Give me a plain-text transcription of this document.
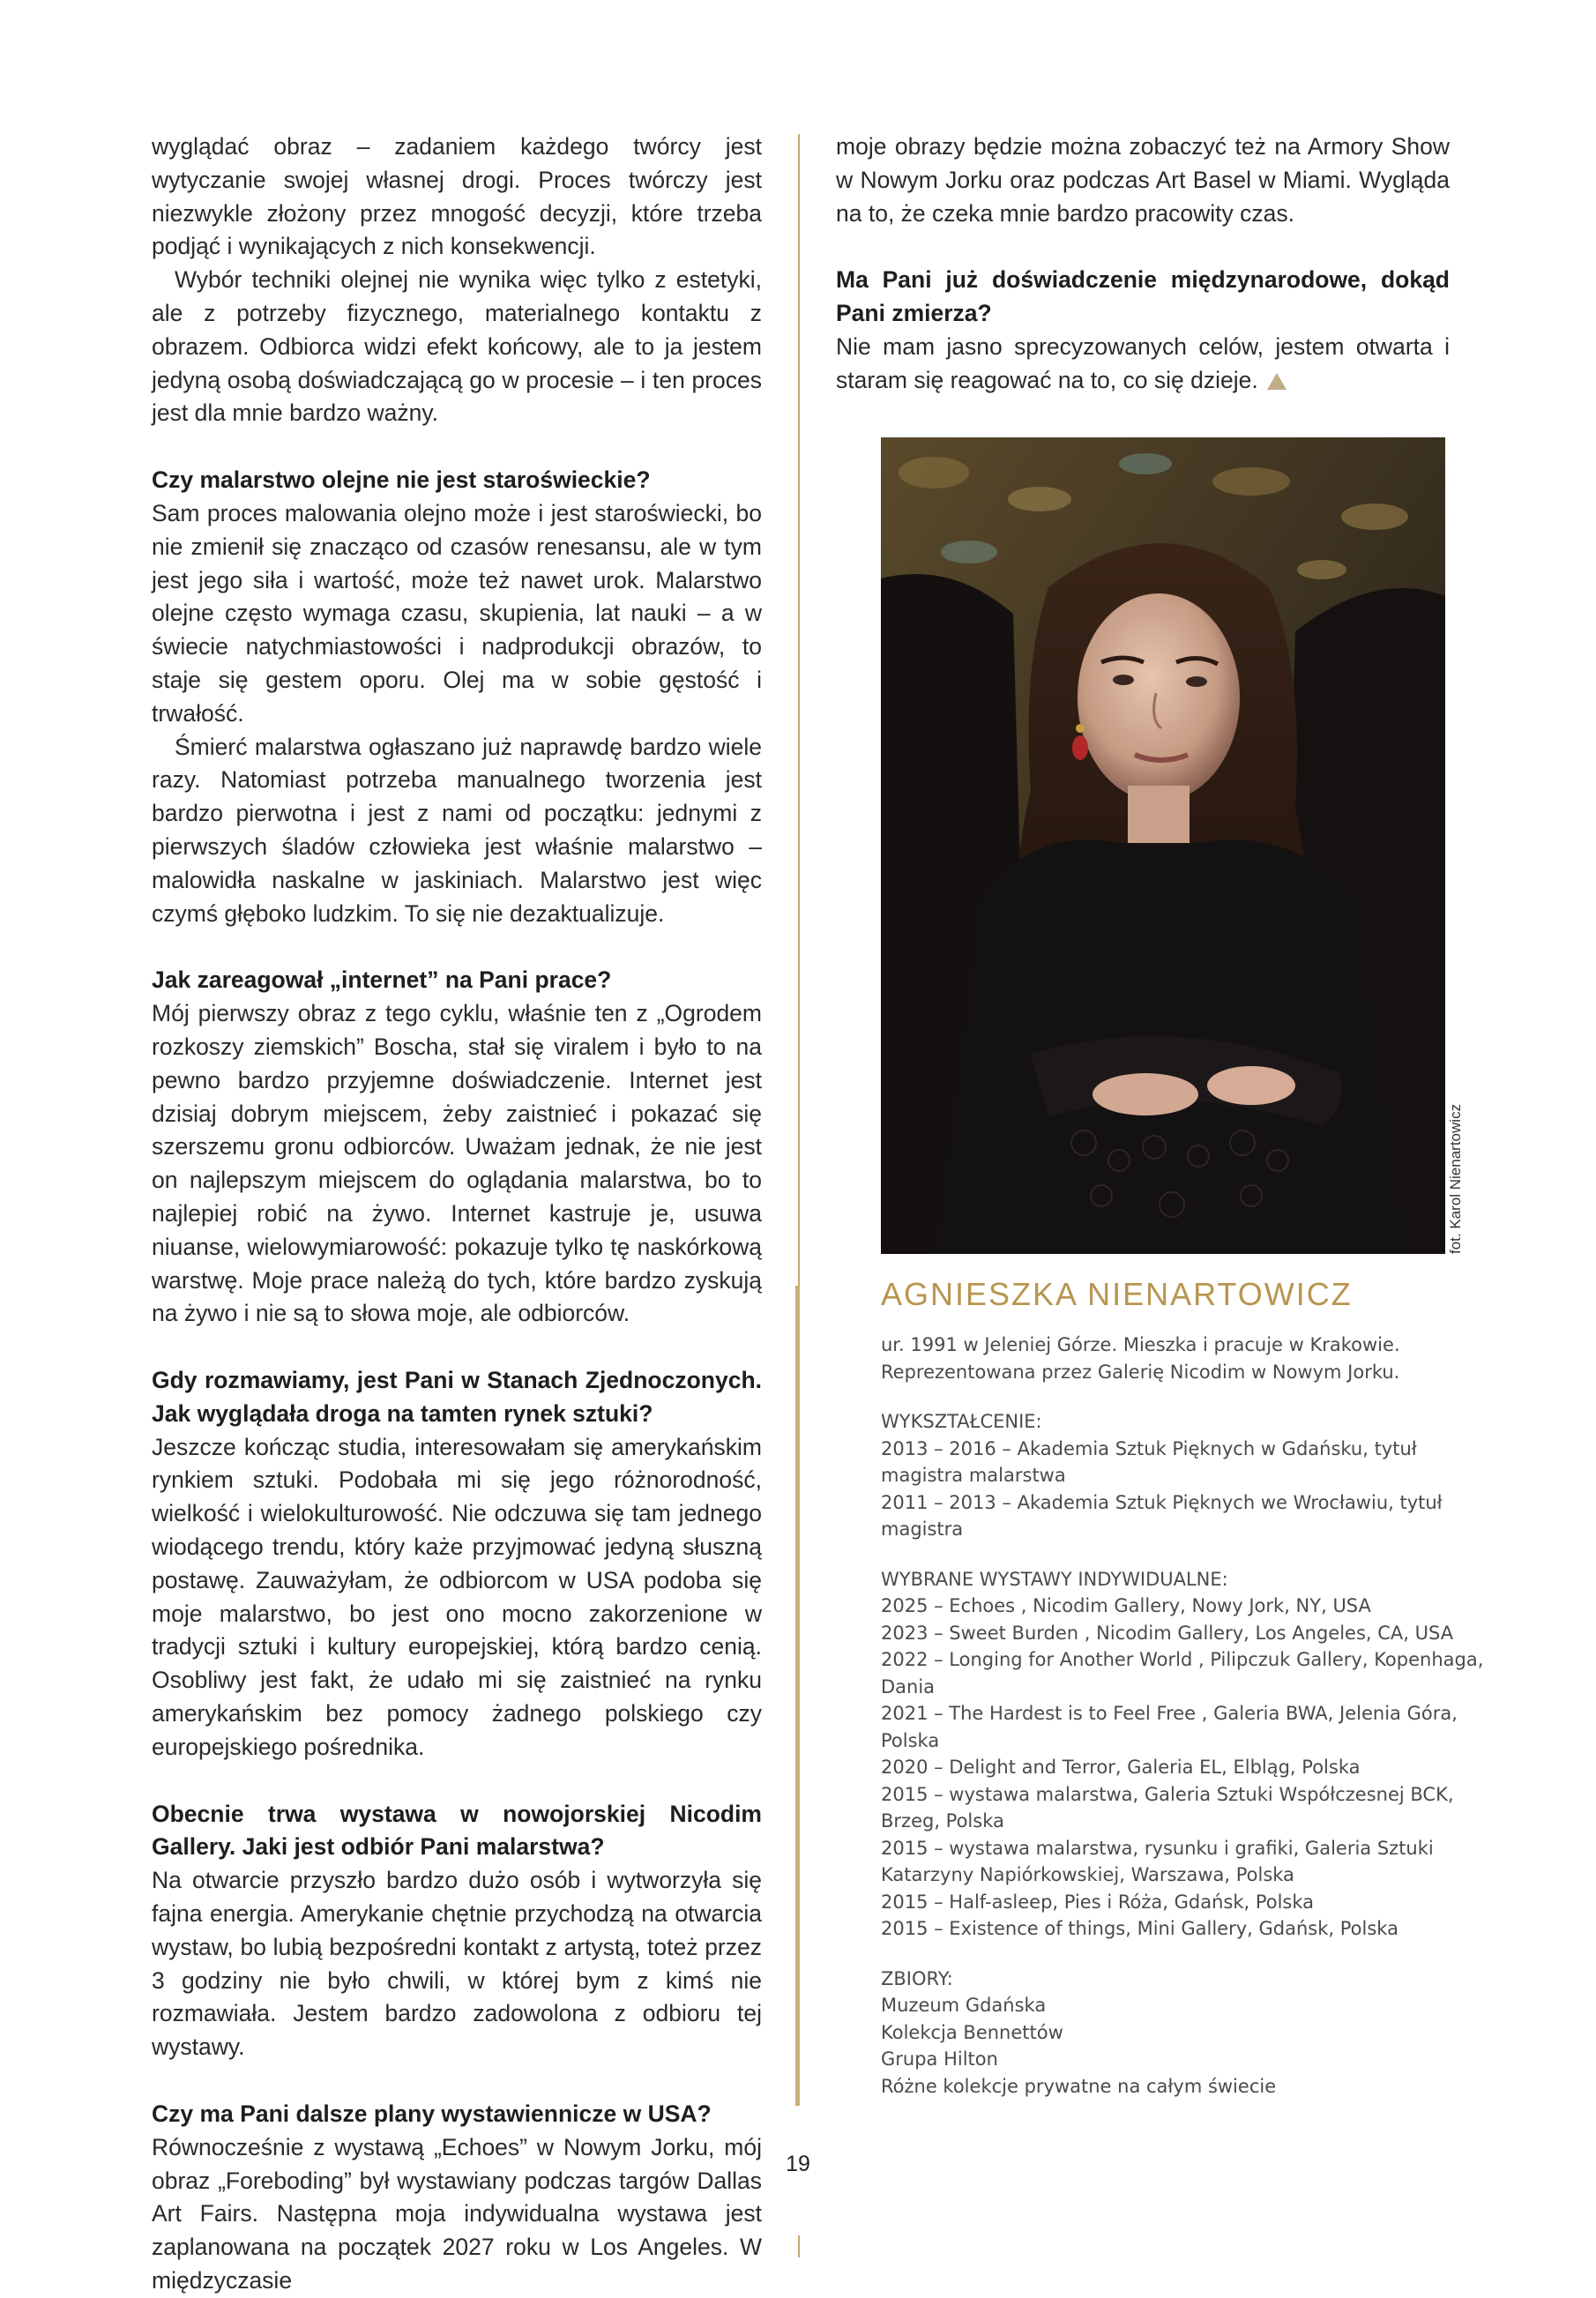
wyglądać obraz – zadaniem każdego twórcy jest wytyczanie swojej własnej drogi. Proces twórczy jest niezwykle złożony przez mnogość decyzji, które trzeba podjąć i wynikających z nich konsekwencji.

Wybór techniki olejnej nie wynika więc tylko z estetyki, ale z potrzeby fizycznego, materialnego kontaktu z obrazem. Odbiorca widzi efekt końcowy, ale to ja jestem jedyną osobą doświadczającą go w procesie – i ten proces jest dla mnie bardzo ważny.

Czy malarstwo olejne nie jest staroświeckie?

Sam proces malowania olejno może i jest staroświecki, bo nie zmienił się znacząco od czasów renesansu, ale w tym jest jego siła i wartość, może też nawet urok. Malarstwo olejne często wymaga czasu, skupienia, lat nauki – a w świecie natychmiastowości i nadprodukcji obrazów, to staje się gestem oporu. Olej ma w sobie gęstość i trwałość.

Śmierć malarstwa ogłaszano już naprawdę bardzo wiele razy. Natomiast potrzeba manualnego tworzenia jest bardzo pierwotna i jest z nami od początku: jednymi z pierwszych śladów człowieka jest właśnie malarstwo – malowidła naskalne w jaskiniach. Malarstwo jest więc czymś głęboko ludzkim. To się nie dezaktualizuje.

Jak zareagował „internet” na Pani prace?

Mój pierwszy obraz z tego cyklu, właśnie ten z „Ogrodem rozkoszy ziemskich” Boscha, stał się viralem i było to na pewno bardzo przyjemne doświadczenie. Internet jest dzisiaj dobrym miejscem, żeby zaistnieć i pokazać się szerszemu gronu odbiorców. Uważam jednak, że nie jest on najlepszym miejscem do oglądania malarstwa, bo to najlepiej robić na żywo. Internet kastruje je, usuwa niuanse, wielowymiarowość: pokazuje tylko tę naskórkową warstwę. Moje prace należą do tych, które bardzo zyskują na żywo i nie są to słowa moje, ale odbiorców.

Gdy rozmawiamy, jest Pani w Stanach Zjednoczonych. Jak wyglądała droga na tamten rynek sztuki?

Jeszcze kończąc studia, interesowałam się amerykańskim rynkiem sztuki. Podobała mi się jego różnorodność, wielkość i wielokulturowość. Nie odczuwa się tam jednego wiodącego trendu, który każe przyjmować jedyną słuszną postawę. Zauważyłam, że odbiorcom w USA podoba się moje malarstwo, bo jest ono mocno zakorzenione w tradycji sztuki i kultury europejskiej, którą bardzo cenią. Osobliwy jest fakt, że udało mi się zaistnieć na rynku amerykańskim bez pomocy żadnego polskiego czy europejskiego pośrednika.

Obecnie trwa wystawa w nowojorskiej Nicodim Gallery. Jaki jest odbiór Pani malarstwa?

Na otwarcie przyszło bardzo dużo osób i wytworzyła się fajna energia. Amerykanie chętnie przychodzą na otwarcia wystaw, bo lubią bezpośredni kontakt z artystą, toteż przez 3 godziny nie było chwili, w której bym z kimś nie rozmawiała. Jestem bardzo zadowolona z odbioru tej wystawy.

Czy ma Pani dalsze plany wystawiennicze w USA?

Równocześnie z wystawą „Echoes” w Nowym Jorku, mój obraz „Foreboding” był wystawiany podczas targów Dallas Art Fairs. Następna moja indywidualna wystawa jest zaplanowana na początek 2027 roku w Los Angeles. W międzyczasie

moje obrazy będzie można zobaczyć też na Armory Show w Nowym Jorku oraz podczas Art Basel w Miami. Wygląda na to, że czeka mnie bardzo pracowity czas.

Ma Pani już doświadczenie międzynarodowe, dokąd Pani zmierza?

Nie mam jasno sprecyzowanych celów, jestem otwarta i staram się reagować na to, co się dzieje.

fot. Karol Nienartowicz
AGNIESZKA NIENARTOWICZ
ur. 1991 w Jeleniej Górze. Mieszka i pracuje w Krakowie.
Reprezentowana przez Galerię Nicodim w Nowym Jorku.
WYKSZTAŁCENIE:
2013 – 2016 – Akademia Sztuk Pięknych w Gdańsku, tytuł magistra malarstwa
2011 – 2013 – Akademia Sztuk Pięknych we Wrocławiu, tytuł magistra
WYBRANE WYSTAWY INDYWIDUALNE:
2025 – Echoes , Nicodim Gallery, Nowy Jork, NY, USA
2023 – Sweet Burden , Nicodim Gallery, Los Angeles, CA, USA
2022 – Longing for Another World , Pilipczuk Gallery, Kopenhaga, Dania
2021 – The Hardest is to Feel Free , Galeria BWA, Jelenia Góra, Polska
2020 – Delight and Terror, Galeria EL, Elbląg, Polska
2015 – wystawa malarstwa, Galeria Sztuki Współczesnej BCK, Brzeg, Polska
2015 – wystawa malarstwa, rysunku i grafiki, Galeria Sztuki Katarzyny Napiórkowskiej, Warszawa, Polska
2015 – Half-asleep, Pies i Róża, Gdańsk, Polska
2015 – Existence of things, Mini Gallery, Gdańsk, Polska
ZBIORY:
Muzeum Gdańska
Kolekcja Bennettów
Grupa Hilton
Różne kolekcje prywatne na całym świecie
19
